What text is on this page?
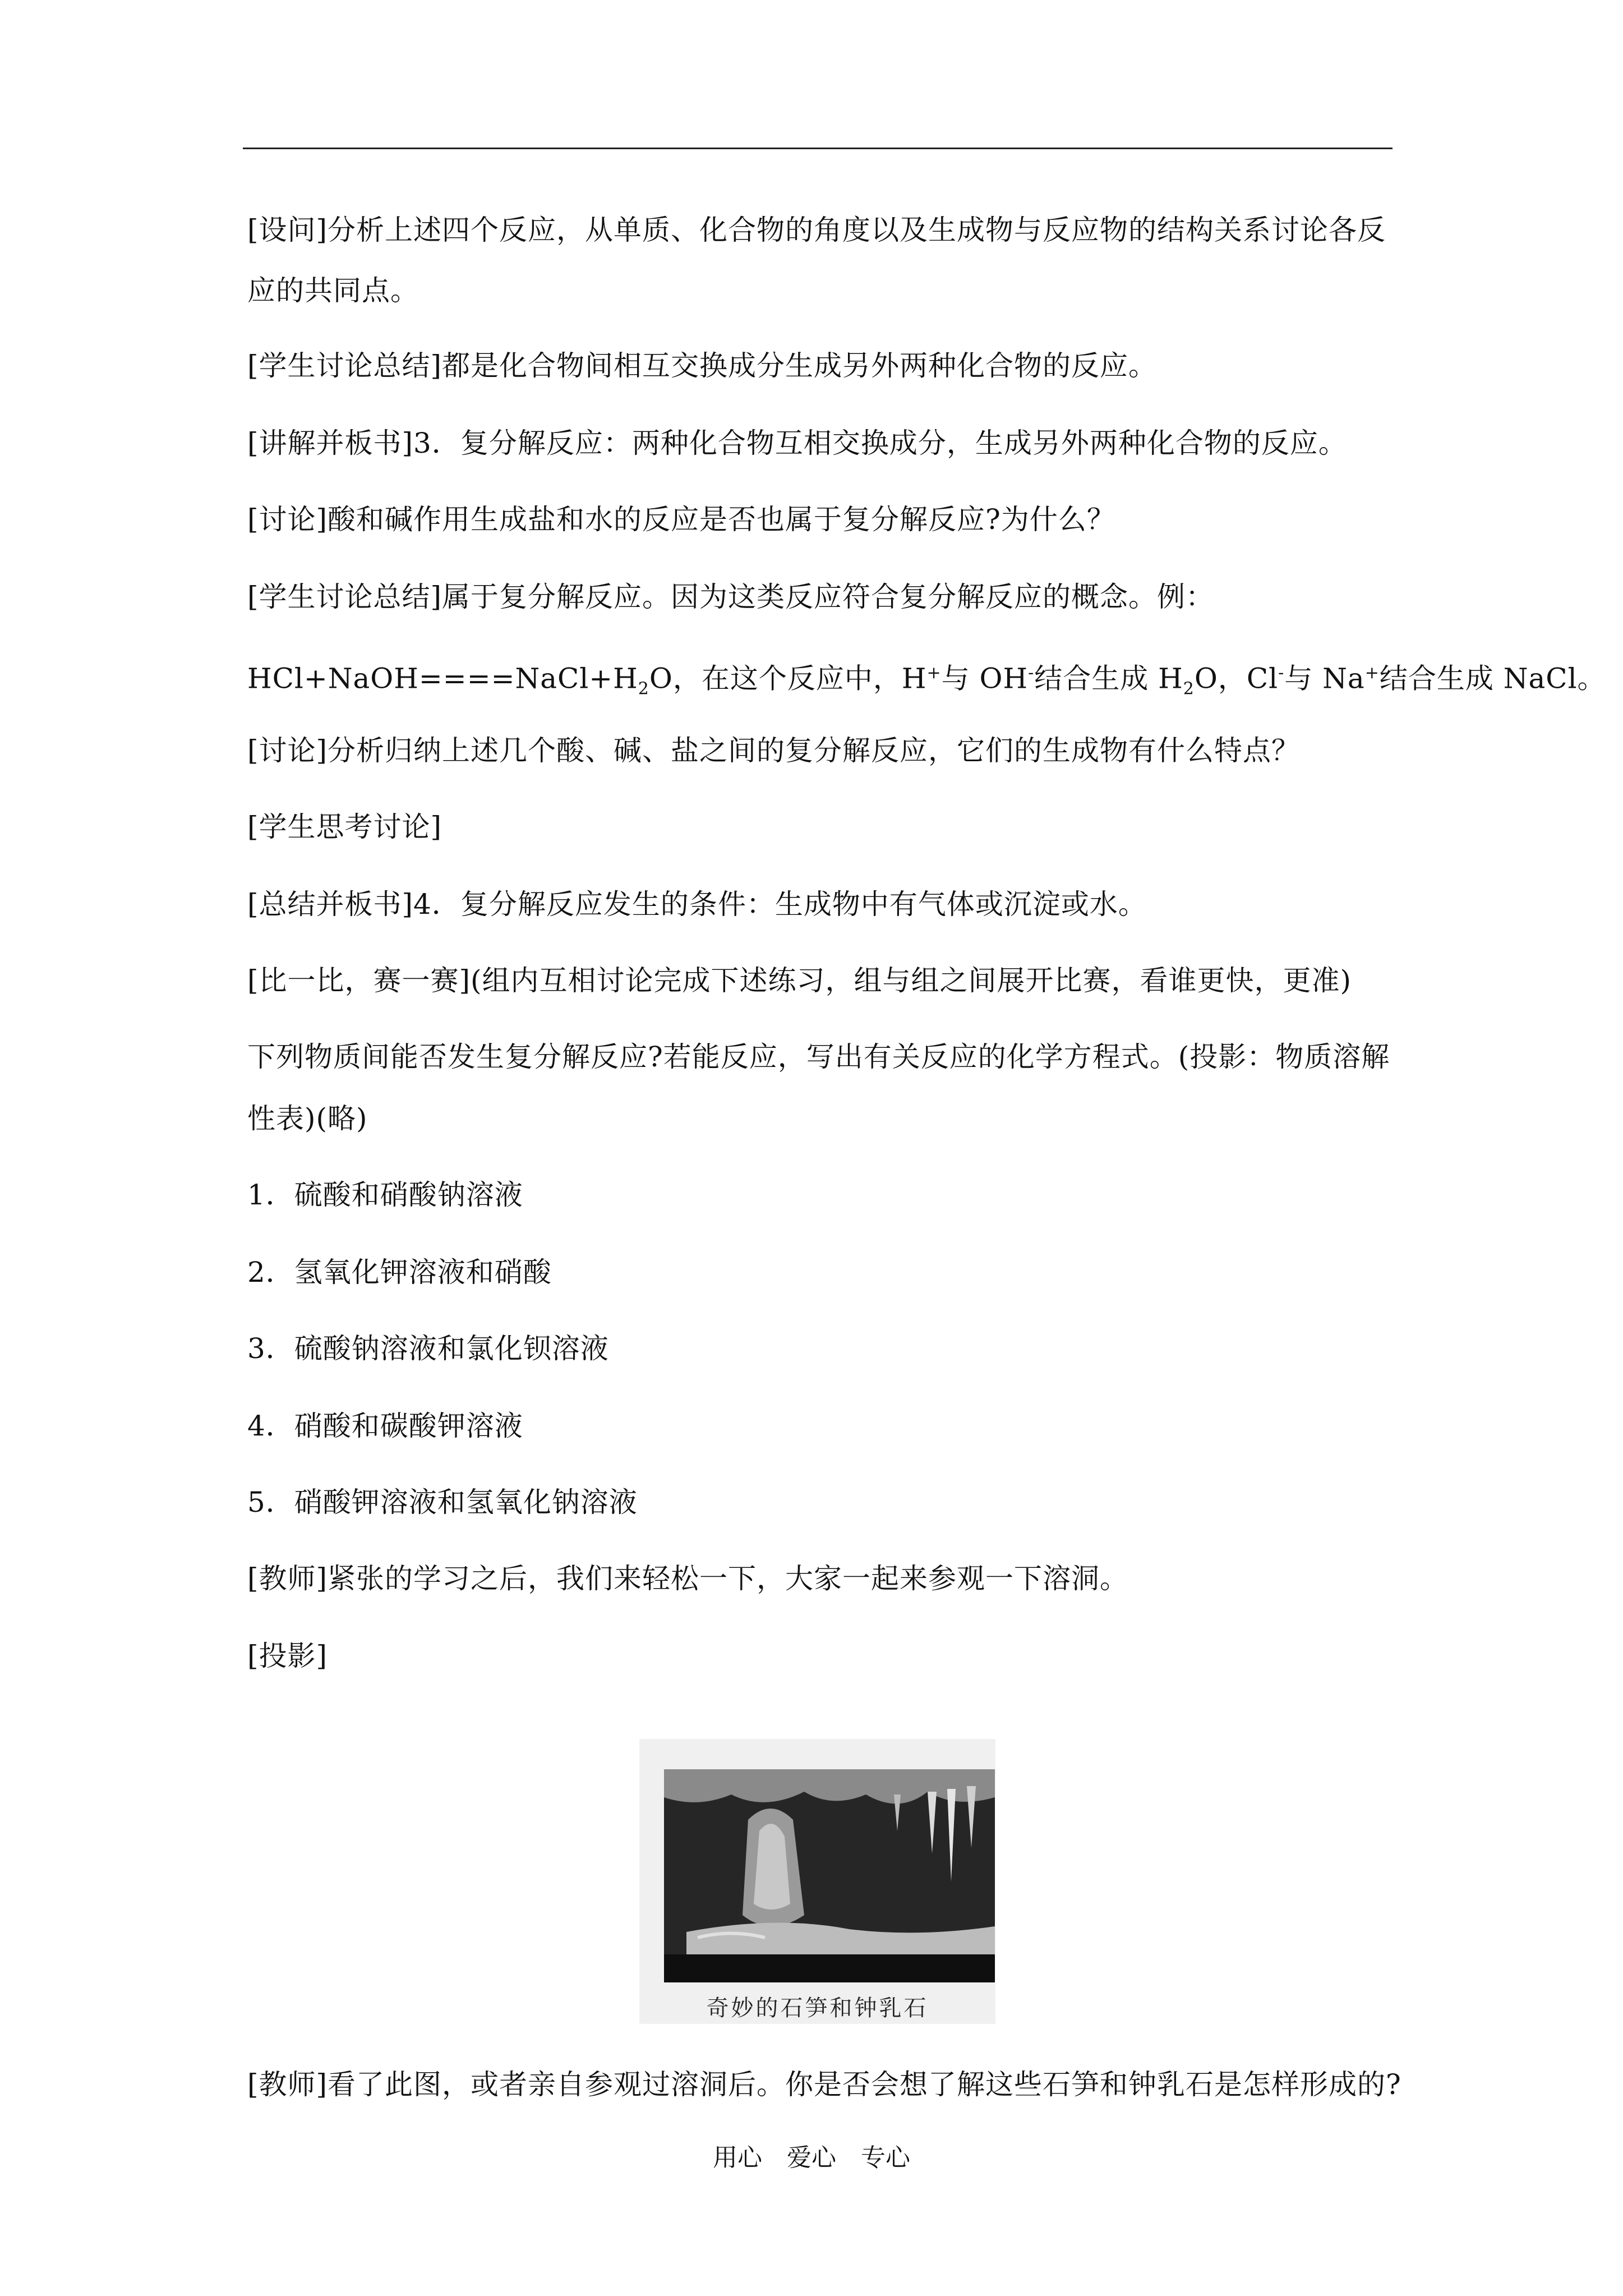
[设问]分析上述四个反应，从单质、化合物的角度以及生成物与反应物的结构关系讨论各反
应的共同点。
[学生讨论总结]都是化合物间相互交换成分生成另外两种化合物的反应。
[讲解并板书]3．复分解反应：两种化合物互相交换成分，生成另外两种化合物的反应。
[讨论]酸和碱作用生成盐和水的反应是否也属于复分解反应?为什么？
[学生讨论总结]属于复分解反应。因为这类反应符合复分解反应的概念。例：
$HCl+NaOH====NaCl+H_2O$，在这个反应中，H+与 OH-结合生成 $H_2O$，Cl-与 Na+结合生成 NaCl。
[讨论]分析归纳上述几个酸、碱、盐之间的复分解反应，它们的生成物有什么特点？
[学生思考讨论]
[总结并板书]4．复分解反应发生的条件：生成物中有气体或沉淀或水。
[比一比，赛一赛](组内互相讨论完成下述练习，组与组之间展开比赛，看谁更快，更准)
下列物质间能否发生复分解反应?若能反应，写出有关反应的化学方程式。(投影：物质溶解
性表)(略)
1．硫酸和硝酸钠溶液
2．氢氧化钾溶液和硝酸
3．硫酸钠溶液和氯化钡溶液
4．硝酸和碳酸钾溶液
5．硝酸钾溶液和氢氧化钠溶液
[教师]紧张的学习之后，我们来轻松一下，大家一起来参观一下溶洞。
[投影]
奇妙的石笋和钟乳石
[教师]看了此图，或者亲自参观过溶洞后。你是否会想了解这些石笋和钟乳石是怎样形成的?
用心 爱心 专心
